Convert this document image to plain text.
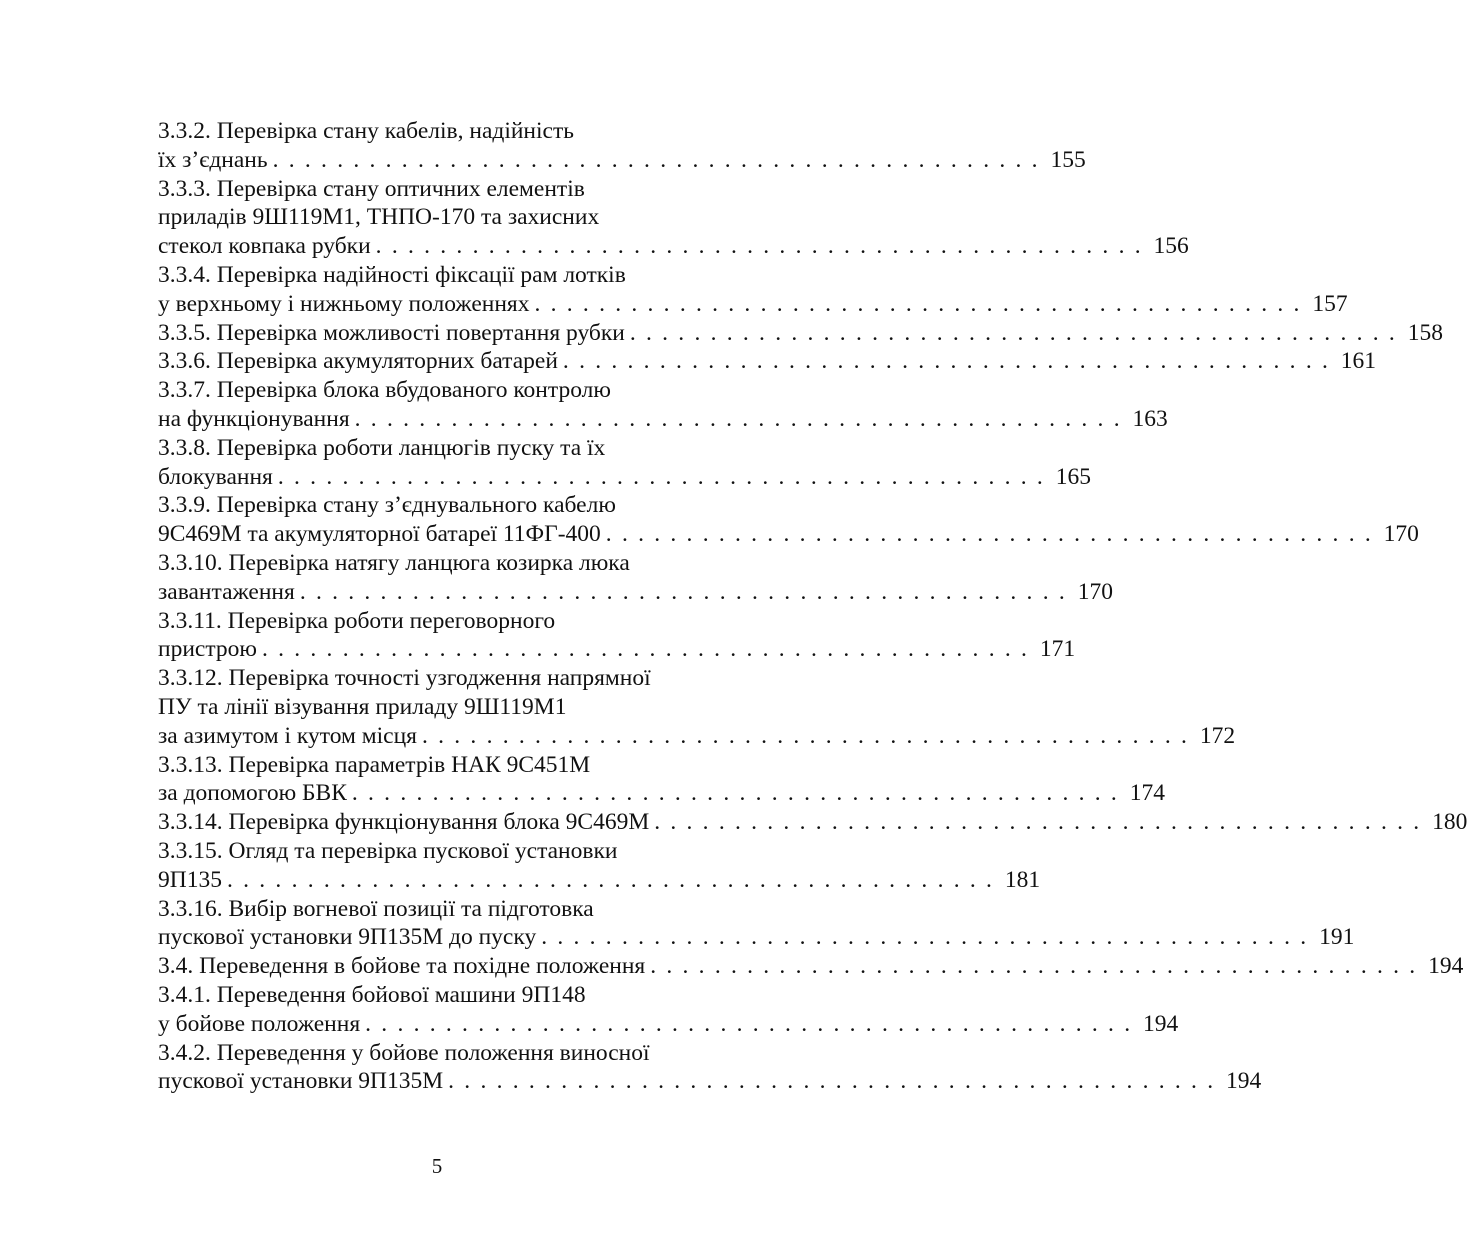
3.3.2. Перевірка стану кабелів, надійність
їх з’єднань . . . . . . . . . . . . . . . . . . . . . . . . . . . . . . . . . . . . . . . . . . . . . . . . 155
3.3.3. Перевірка стану оптичних елементів
приладів 9Ш119М1, ТНПО-170 та захисних
стекол ковпака рубки . . . . . . . . . . . . . . . . . . . . . . . . . . . . . . . . . . . . . . . . . . . . . . . . 156
3.3.4. Перевірка надійності фіксації рам лотків
у верхньому і нижньому положеннях . . . . . . . . . . . . . . . . . . . . . . . . . . . . . . . . . . . . . . . . . . . . . . . . 157
3.3.5. Перевірка можливості повертання рубки . . . . . . . . . . . . . . . . . . . . . . . . . . . . . . . . . . . . . . . . . . . . . . . . 158
3.3.6. Перевірка акумуляторних батарей . . . . . . . . . . . . . . . . . . . . . . . . . . . . . . . . . . . . . . . . . . . . . . . . 161
3.3.7. Перевірка блока вбудованого контролю
на функціонування . . . . . . . . . . . . . . . . . . . . . . . . . . . . . . . . . . . . . . . . . . . . . . . . 163
3.3.8. Перевірка роботи ланцюгів пуску та їх
блокування . . . . . . . . . . . . . . . . . . . . . . . . . . . . . . . . . . . . . . . . . . . . . . . . 165
3.3.9. Перевірка стану з’єднувального кабелю
9С469М та акумуляторної батареї 11ФГ-400 . . . . . . . . . . . . . . . . . . . . . . . . . . . . . . . . . . . . . . . . . . . . . . . . 170
3.3.10. Перевірка натягу ланцюга козирка люка
завантаження . . . . . . . . . . . . . . . . . . . . . . . . . . . . . . . . . . . . . . . . . . . . . . . . 170
3.3.11. Перевірка роботи переговорного
пристрою . . . . . . . . . . . . . . . . . . . . . . . . . . . . . . . . . . . . . . . . . . . . . . . . 171
3.3.12. Перевірка точності узгодження напрямної
ПУ та лінії візування приладу 9Ш119М1
за азимутом і кутом місця . . . . . . . . . . . . . . . . . . . . . . . . . . . . . . . . . . . . . . . . . . . . . . . . 172
3.3.13. Перевірка параметрів НАК 9С451М
за допомогою БВК . . . . . . . . . . . . . . . . . . . . . . . . . . . . . . . . . . . . . . . . . . . . . . . . 174
3.3.14. Перевірка функціонування блока 9С469М . . . . . . . . . . . . . . . . . . . . . . . . . . . . . . . . . . . . . . . . . . . . . . . . 180
3.3.15. Огляд та перевірка пускової установки
9П135 . . . . . . . . . . . . . . . . . . . . . . . . . . . . . . . . . . . . . . . . . . . . . . . . 181
3.3.16. Вибір вогневої позиції та підготовка
пускової установки 9П135М до пуску . . . . . . . . . . . . . . . . . . . . . . . . . . . . . . . . . . . . . . . . . . . . . . . . 191
3.4. Переведення в бойове та похідне положення . . . . . . . . . . . . . . . . . . . . . . . . . . . . . . . . . . . . . . . . . . . . . . . . 194
3.4.1. Переведення бойової машини 9П148
у бойове положення . . . . . . . . . . . . . . . . . . . . . . . . . . . . . . . . . . . . . . . . . . . . . . . . 194
3.4.2. Переведення у бойове положення виносної
пускової установки 9П135М . . . . . . . . . . . . . . . . . . . . . . . . . . . . . . . . . . . . . . . . . . . . . . . . 194
5
